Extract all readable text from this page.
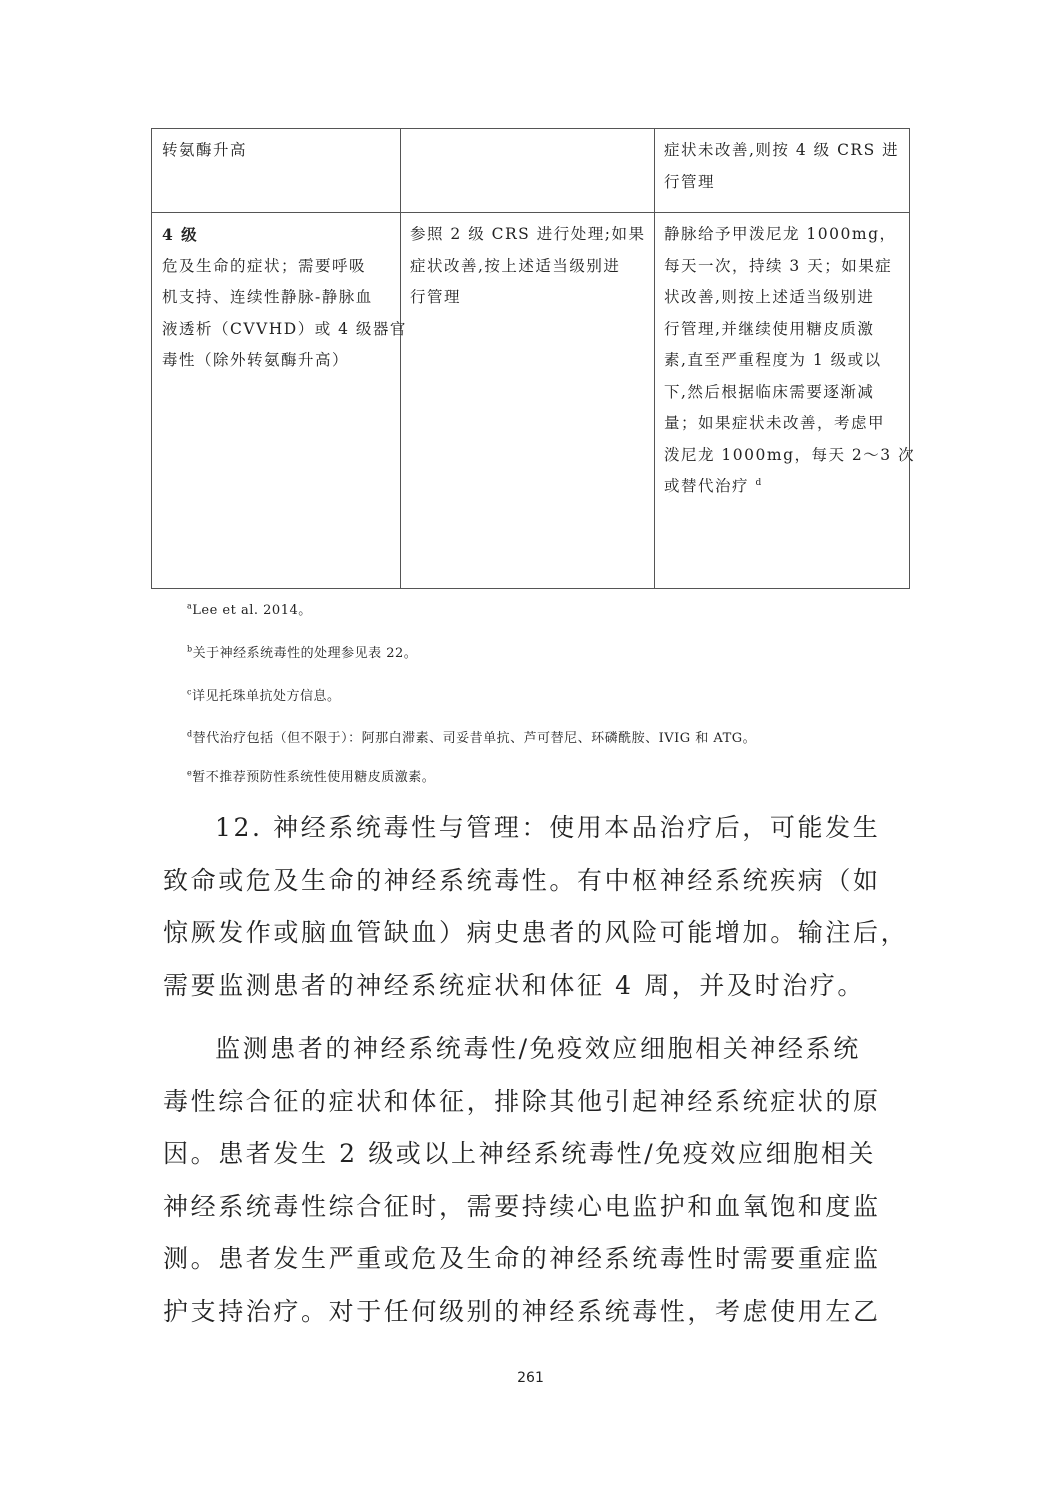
转氨酶升高	症状未改善,则按 4 级 CRS 进
行管理
4 级
危及生命的症状；需要呼吸
机支持、连续性静脉-静脉血
液透析（CVVHD）或 4 级器官
毒性（除外转氨酶升高）
参照 2 级 CRS 进行处理;如果
症状改善,按上述适当级别进
行管理
静脉给予甲泼尼龙 1000mg，
每天一次，持续 3 天；如果症
状改善,则按上述适当级别进
行管理,并继续使用糖皮质激
素,直至严重程度为 1 级或以
下,然后根据临床需要逐渐减
量；如果症状未改善，考虑甲
泼尼龙 1000mg，每天 2～3 次
或替代治疗 $^d$
$^a$Lee et al. 2014。
$^b$关于神经系统毒性的处理参见表 22。
$^c$详见托珠单抗处方信息。
$^d$替代治疗包括（但不限于）：阿那白滞素、司妥昔单抗、芦可替尼、环磷酰胺、IVIG 和 ATG。
$^e$暂不推荐预防性系统性使用糖皮质激素。
12. 神经系统毒性与管理：使用本品治疗后，可能发生
致命或危及生命的神经系统毒性。有中枢神经系统疾病（如
惊厥发作或脑血管缺血）病史患者的风险可能增加。输注后，
需要监测患者的神经系统症状和体征 4 周，并及时治疗。
监测患者的神经系统毒性/免疫效应细胞相关神经系统
毒性综合征的症状和体征，排除其他引起神经系统症状的原
因。患者发生 2 级或以上神经系统毒性/免疫效应细胞相关
神经系统毒性综合征时，需要持续心电监护和血氧饱和度监
测。患者发生严重或危及生命的神经系统毒性时需要重症监
护支持治疗。对于任何级别的神经系统毒性，考虑使用左乙
261
